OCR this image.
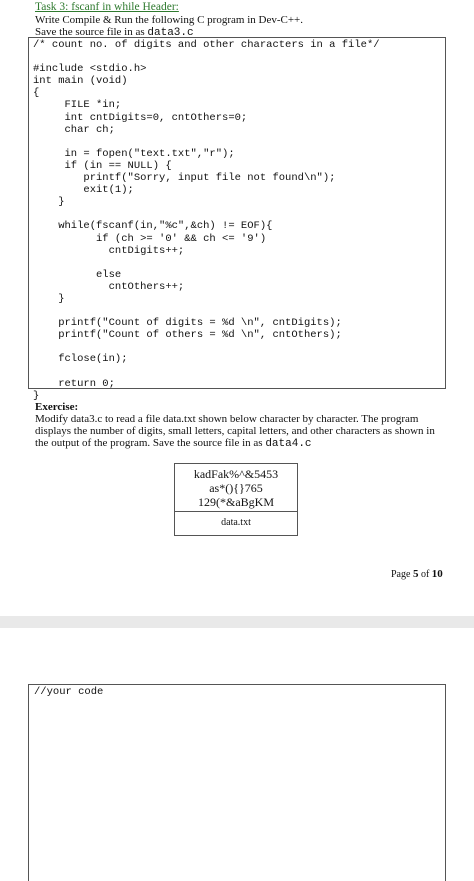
Task 3: fscanf in while Header:
Write Compile & Run the following C program in Dev-C++.
Save the source file in as data3.c
/* count no. of digits and other characters in a file*/

#include <stdio.h>
int main (void)
{
FILE *in;
int cntDigits=0, cntOthers=0;
char ch;

in = fopen("text.txt","r");
if (in == NULL) {
printf("Sorry, input file not found\n");
exit(1);
}

while(fscanf(in,"%c",&ch) != EOF){
if (ch >= '0' && ch <= '9')
cntDigits++;

else
cntOthers++;
}

printf("Count of digits = %d \n", cntDigits);
printf("Count of others = %d \n", cntOthers);

fclose(in);

return 0;
}

Exercise:
Modify data3.c to read a file data.txt shown below character by character. The program displays the number of digits, small letters, capital letters, and other characters as shown in the output of the program. Save the source file in as data4.c
kadFak%^&5453
as*(){}765
129(*&aBgKM
data.txt
Page 5 of 10
//your code
